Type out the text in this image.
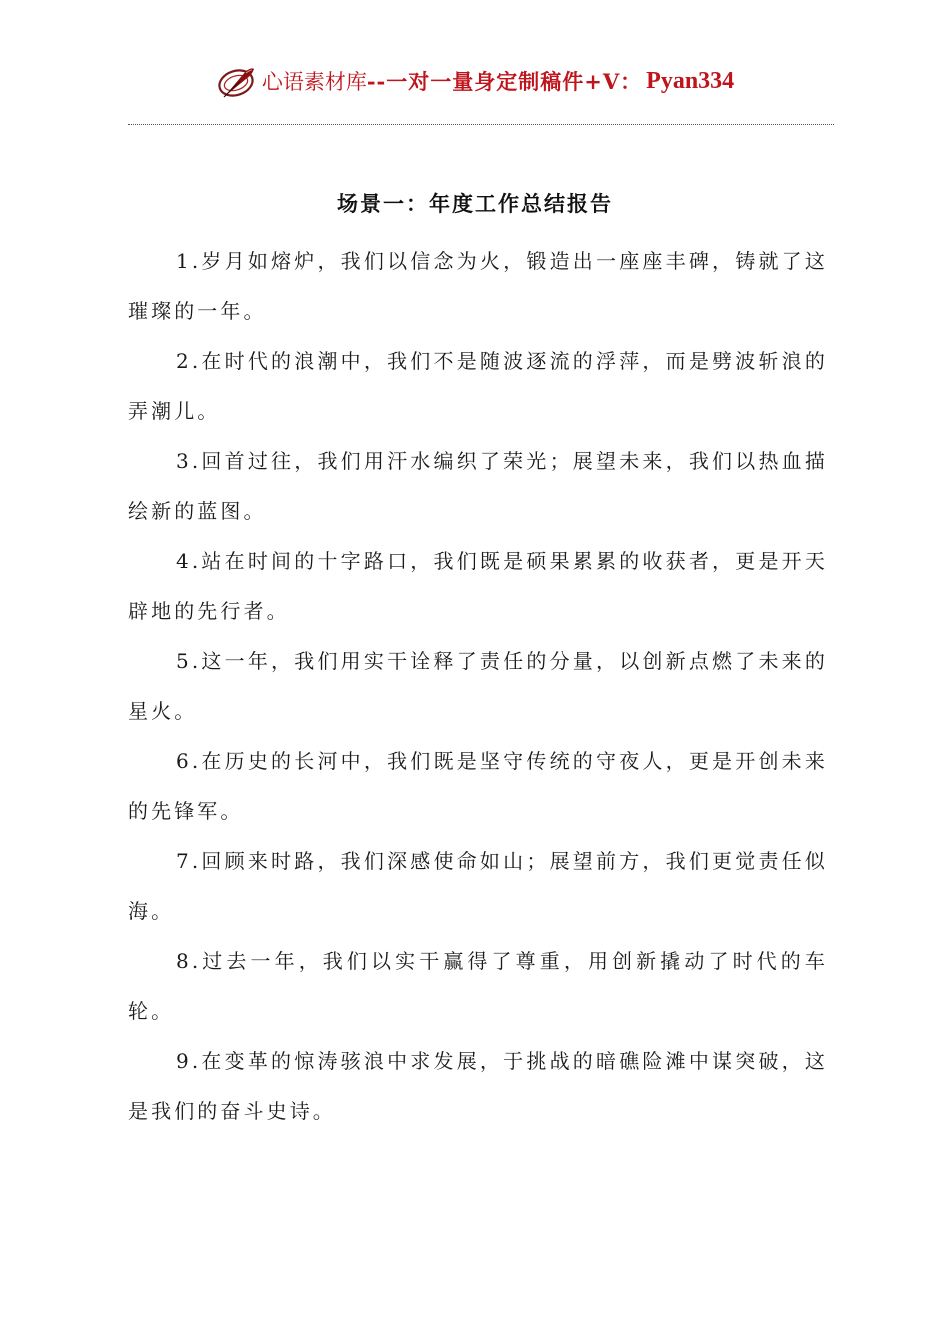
心语素材库 --一对一量身定制稿件+V： Pyan334
场景一：年度工作总结报告

1.岁月如熔炉，我们以信念为火，锻造出一座座丰碑，铸就了这璀璨的一年。

2.在时代的浪潮中，我们不是随波逐流的浮萍，而是劈波斩浪的弄潮儿。

3.回首过往，我们用汗水编织了荣光；展望未来，我们以热血描绘新的蓝图。

4.站在时间的十字路口，我们既是硕果累累的收获者，更是开天辟地的先行者。

5.这一年，我们用实干诠释了责任的分量，以创新点燃了未来的星火。

6.在历史的长河中，我们既是坚守传统的守夜人，更是开创未来的先锋军。

7.回顾来时路，我们深感使命如山；展望前方，我们更觉责任似海。

8.过去一年，我们以实干赢得了尊重，用创新撬动了时代的车轮。

9.在变革的惊涛骇浪中求发展，于挑战的暗礁险滩中谋突破，这是我们的奋斗史诗。
